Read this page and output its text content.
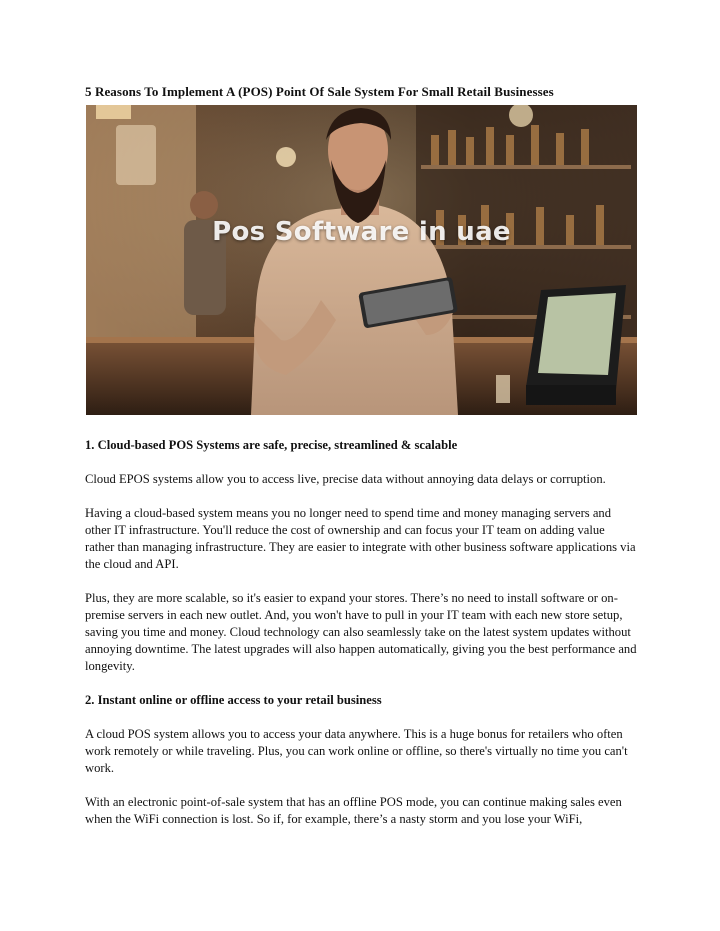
5 Reasons To Implement A (POS) Point Of Sale System For Small Retail Businesses
Pos Software in uae
1. Cloud-based POS Systems are safe, precise, streamlined & scalable

Cloud EPOS systems allow you to access live, precise data without annoying data delays or corruption.

Having a cloud-based system means you no longer need to spend time and money managing servers and other IT infrastructure. You'll reduce the cost of ownership and can focus your IT team on adding value rather than managing infrastructure. They are easier to integrate with other business software applications via the cloud and API.

Plus, they are more scalable, so it's easier to expand your stores. There’s no need to install software or on-premise servers in each new outlet. And, you won't have to pull in your IT team with each new store setup, saving you time and money. Cloud technology can also seamlessly take on the latest system updates without annoying downtime. The latest upgrades will also happen automatically, giving you the best performance and longevity.

2. Instant online or offline access to your retail business

A cloud POS system allows you to access your data anywhere. This is a huge bonus for retailers who often work remotely or while traveling. Plus, you can work online or offline, so there's virtually no time you can't work.

With an electronic point-of-sale system that has an offline POS mode, you can continue making sales even when the WiFi connection is lost. So if, for example, there’s a nasty storm and you lose your WiFi,
